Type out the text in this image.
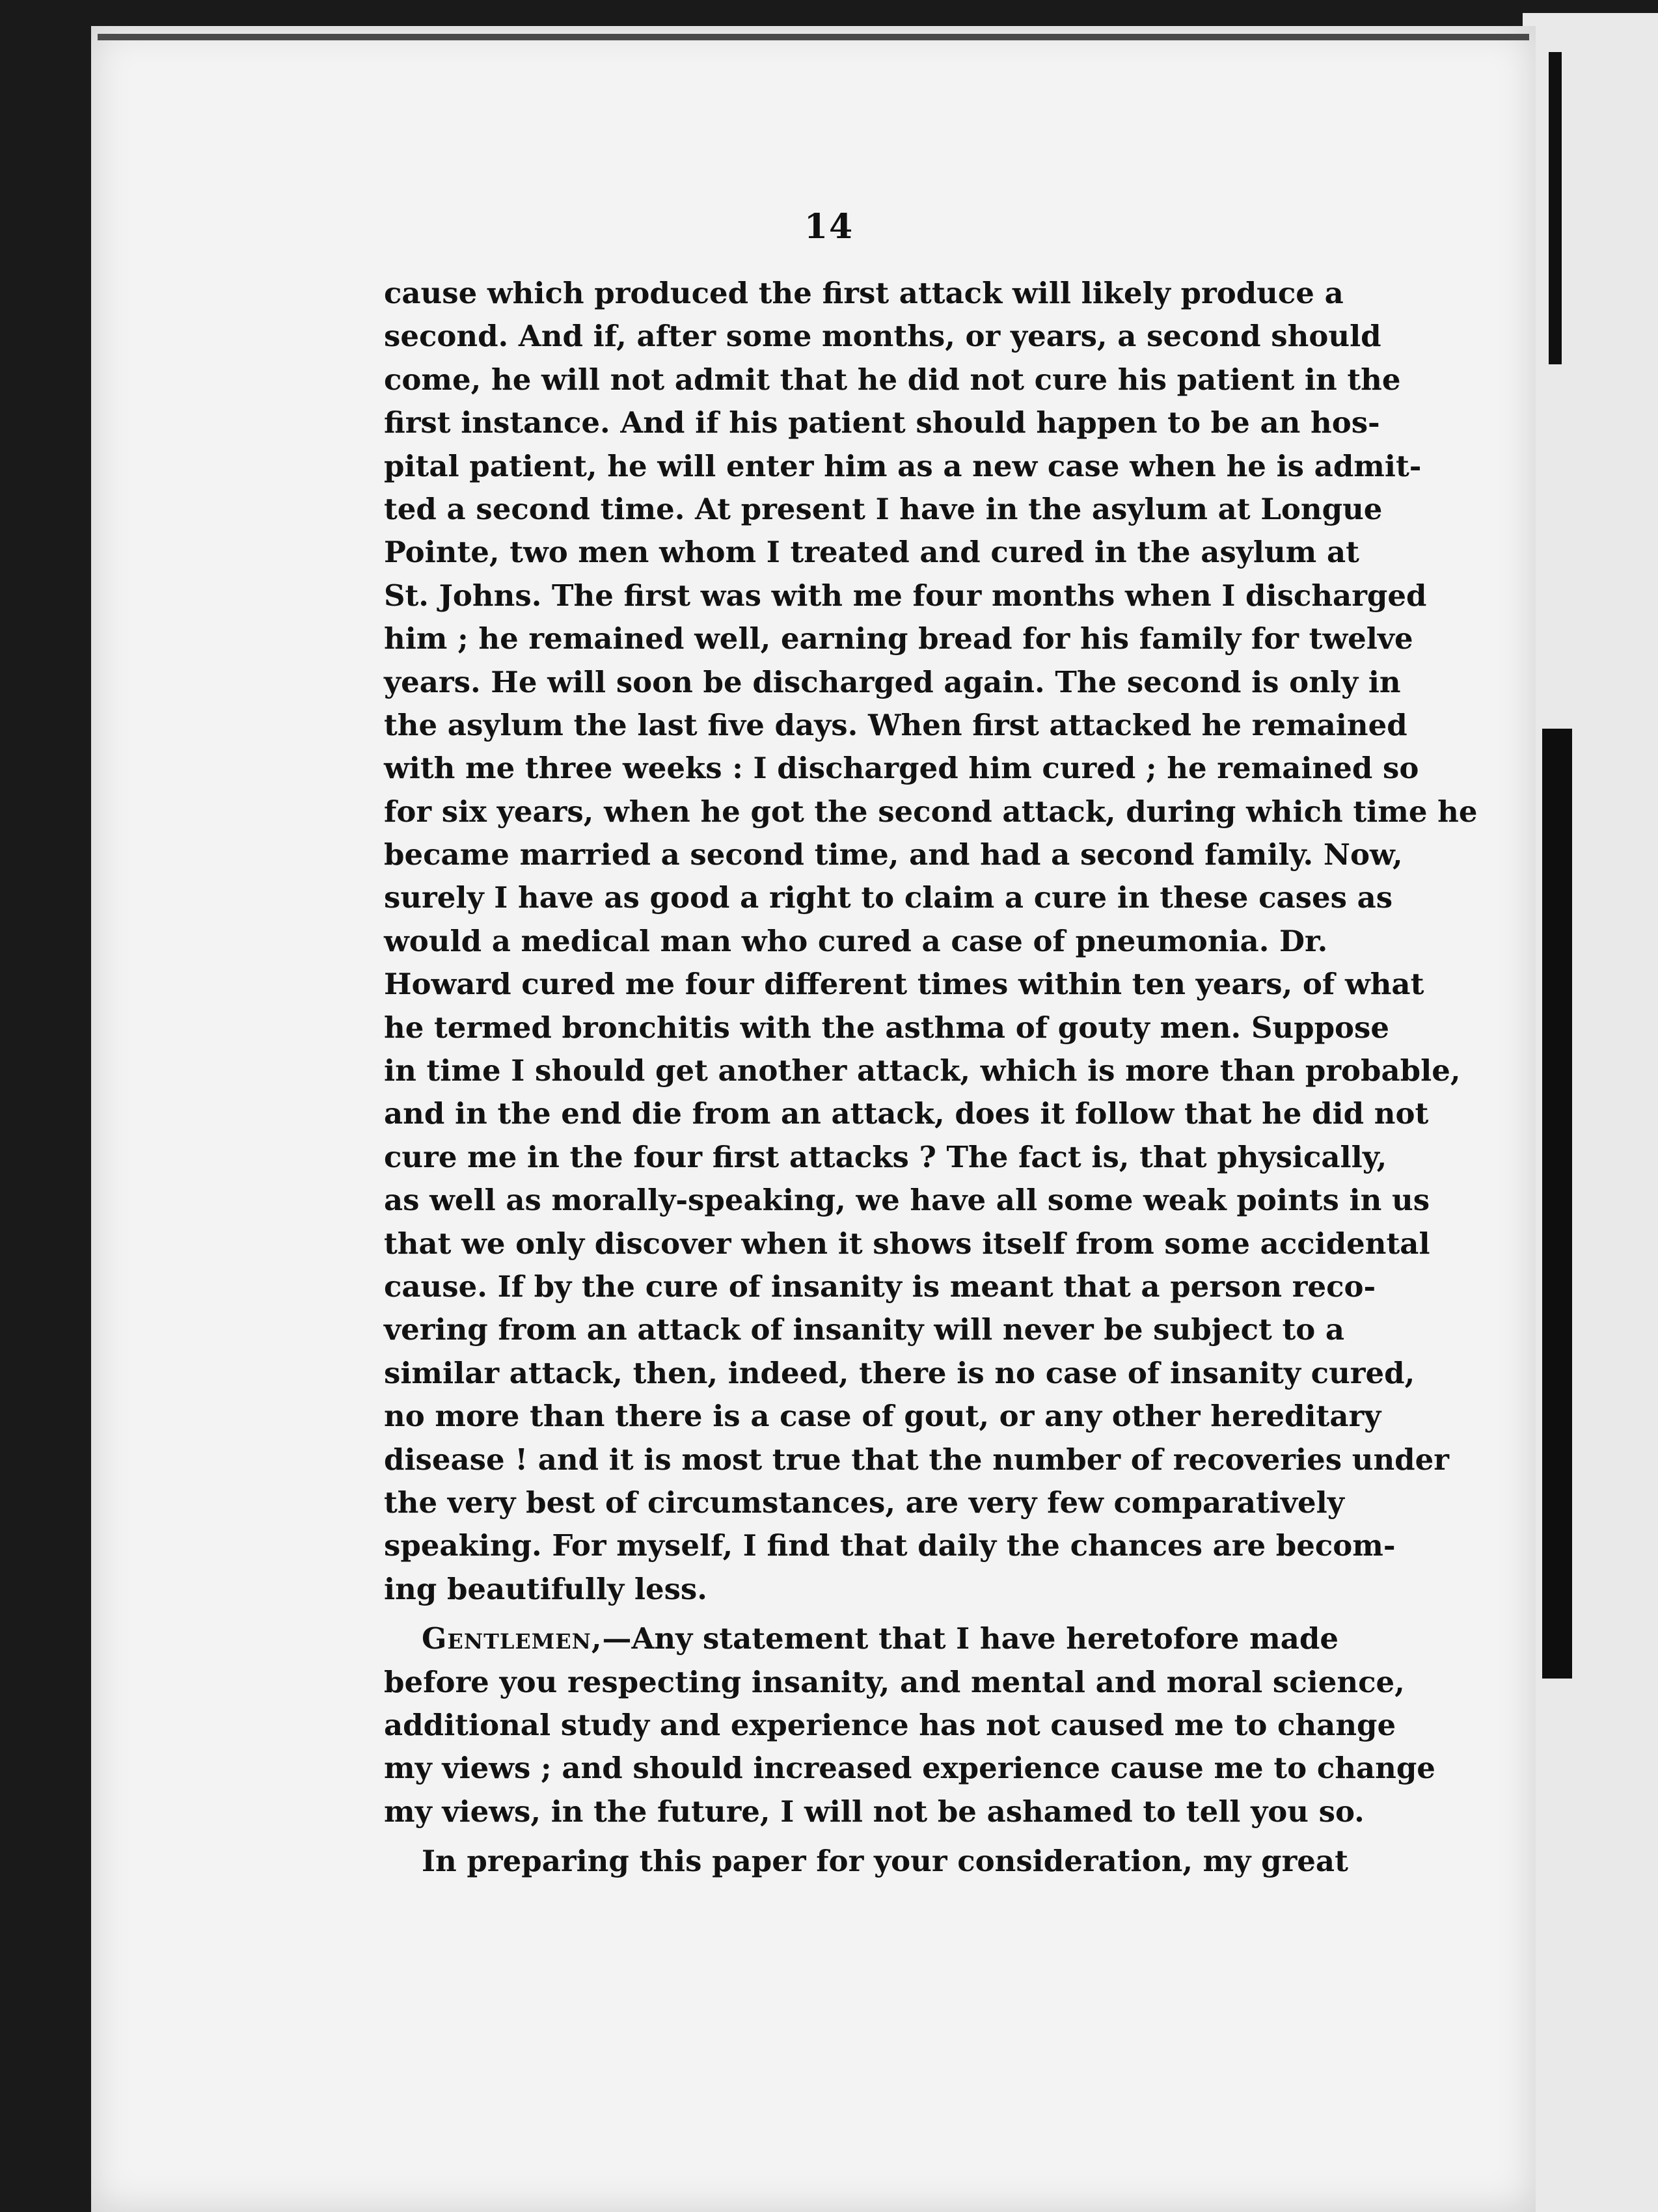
14
cause which produced the first attack will likely produce a
second. And if, after some months, or years, a second should
come, he will not admit that he did not cure his patient in the
first instance. And if his patient should happen to be an hos-
pital patient, he will enter him as a new case when he is admit-
ted a second time. At present I have in the asylum at Longue
Pointe, two men whom I treated and cured in the asylum at
St. Johns. The first was with me four months when I discharged
him ; he remained well, earning bread for his family for twelve
years. He will soon be discharged again. The second is only in
the asylum the last five days. When first attacked he remained
with me three weeks : I discharged him cured ; he remained so
for six years, when he got the second attack, during which time he
became married a second time, and had a second family. Now,
surely I have as good a right to claim a cure in these cases as
would a medical man who cured a case of pneumonia. Dr.
Howard cured me four different times within ten years, of what
he termed bronchitis with the asthma of gouty men. Suppose
in time I should get another attack, which is more than probable,
and in the end die from an attack, does it follow that he did not
cure me in the four first attacks ? The fact is, that physically,
as well as morally-speaking, we have all some weak points in us
that we only discover when it shows itself from some accidental
cause. If by the cure of insanity is meant that a person reco-
vering from an attack of insanity will never be subject to a
similar attack, then, indeed, there is no case of insanity cured,
no more than there is a case of gout, or any other hereditary
disease ! and it is most true that the number of recoveries under
the very best of circumstances, are very few comparatively
speaking. For myself, I find that daily the chances are becom-
ing beautifully less.
Gentlemen,—Any statement that I have heretofore made
before you respecting insanity, and mental and moral science,
additional study and experience has not caused me to change
my views ; and should increased experience cause me to change
my views, in the future, I will not be ashamed to tell you so.
In preparing this paper for your consideration, my great
